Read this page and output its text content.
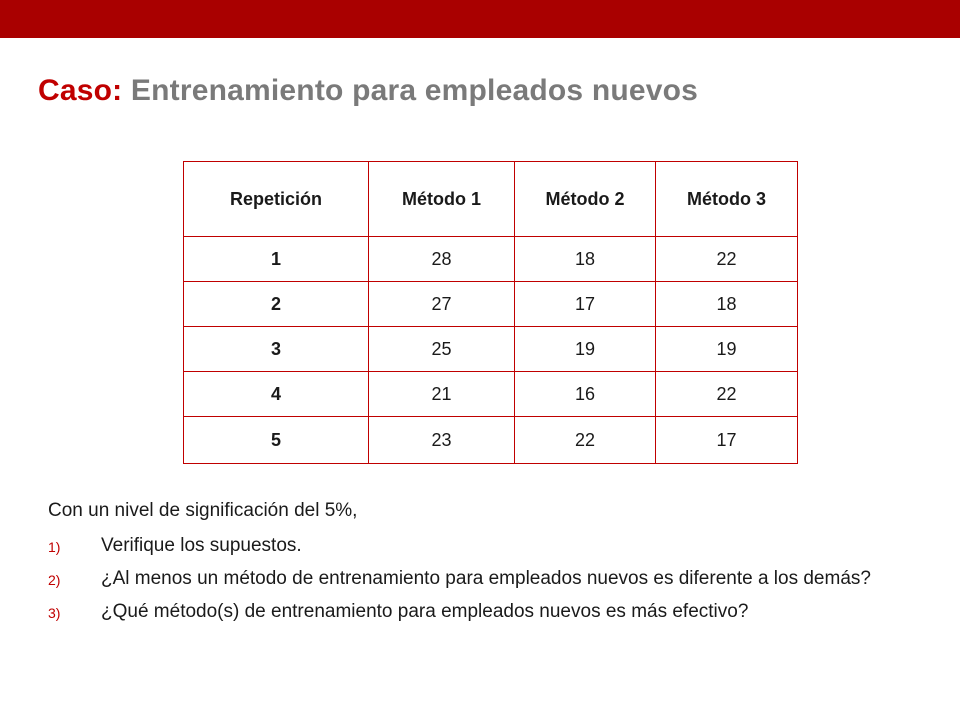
Caso: Entrenamiento para empleados nuevos
Repetición	Método 1	Método 2	Método 3
1	28	18	22
2	27	17	18
3	25	19	19
4	21	16	22
5	23	22	17
Con un nivel de significación del 5%,
1) Verifique los supuestos.
2) ¿Al menos un método de entrenamiento para empleados nuevos es diferente a los demás?
3) ¿Qué método(s) de entrenamiento para empleados nuevos es más efectivo?
